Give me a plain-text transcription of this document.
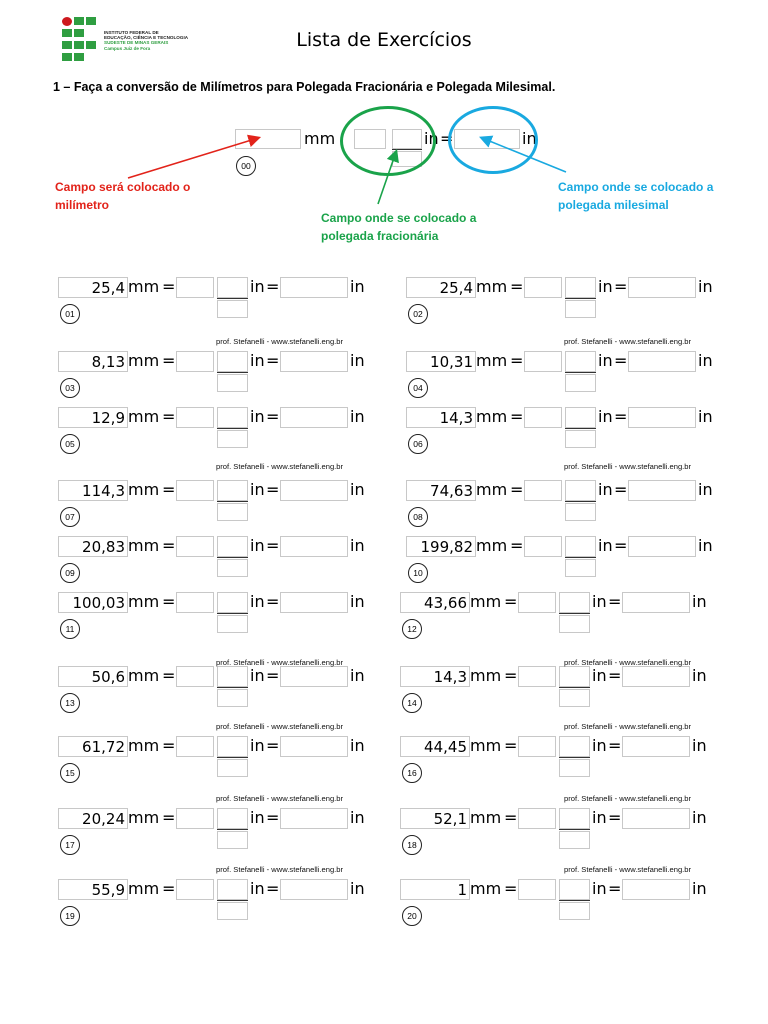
INSTITUTO FEDERAL DE
EDUCAÇÃO, CIÊNCIA E TECNOLOGIA
SUDESTE DE MINAS GERAIS
Campus Juiz de Fora	Lista de Exercícios
1 – Faça a conversão de Milímetros para Polegada Fracionária e Polegada Milesimal.
mm	in =	in
00
Campo será colocado o milímetro
Campo onde se colocado a polegada fracionária
Campo onde se colocado a polegada milesimal
25,4 mm =	in =	in
01
25,4 mm =	in =	in
02
8,13 mm =	in =	in
03
10,31 mm =	in =	in
04
12,9 mm =	in =	in
05
14,3 mm =	in =	in
06
114,3 mm =	in =	in
07
74,63 mm =	in =	in
08
20,83 mm =	in =	in
09
199,82 mm =	in =	in
10
100,03 mm =	in =	in
11
43,66 mm =	in =	in
12
50,6 mm =	in =	in
13
14,3 mm =	in =	in
14
61,72 mm =	in =	in
15
44,45 mm =	in =	in
16
20,24 mm =	in =	in
17
52,1 mm =	in =	in
18
55,9 mm =	in =	in
19
1 mm =	in =	in
20
prof. Stefanelli - www.stefanelli.eng.br	prof. Stefanelli - www.stefanelli.eng.br
prof. Stefanelli - www.stefanelli.eng.br	prof. Stefanelli - www.stefanelli.eng.br
prof. Stefanelli - www.stefanelli.eng.br	prof. Stefanelli - www.stefanelli.eng.br
prof. Stefanelli - www.stefanelli.eng.br	prof. Stefanelli - www.stefanelli.eng.br
prof. Stefanelli - www.stefanelli.eng.br	prof. Stefanelli - www.stefanelli.eng.br
prof. Stefanelli - www.stefanelli.eng.br	prof. Stefanelli - www.stefanelli.eng.br
